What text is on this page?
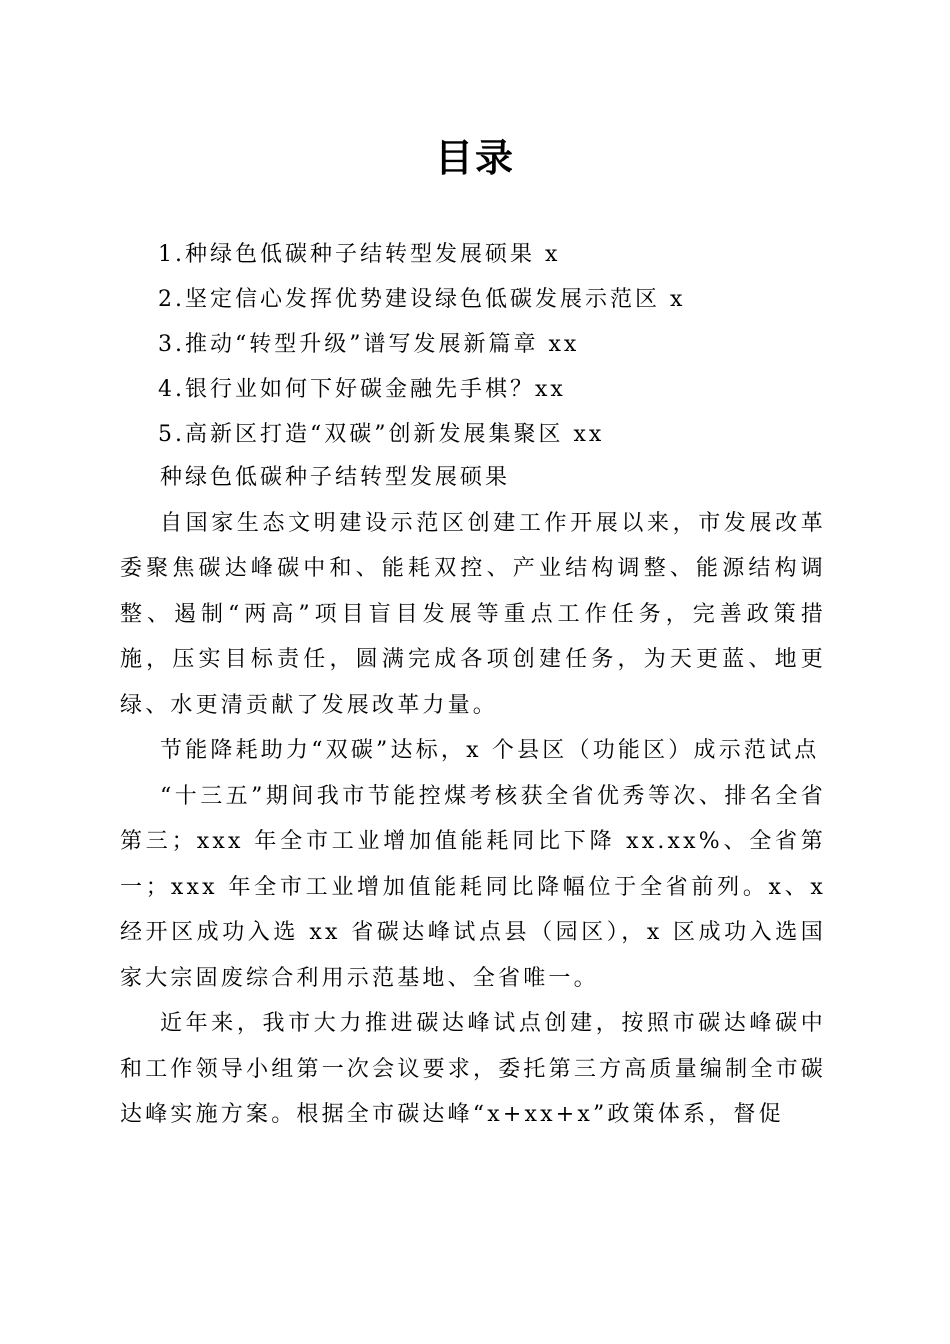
目录
1.种绿色低碳种子结转型发展硕果 x
2.坚定信心发挥优势建设绿色低碳发展示范区 x
3.推动“转型升级”谱写发展新篇章 xx
4.银行业如何下好碳金融先手棋？xx
5.高新区打造“双碳”创新发展集聚区 xx

种绿色低碳种子结转型发展硕果

自国家生态文明建设示范区创建工作开展以来，市发展改革委聚焦碳达峰碳中和、能耗双控、产业结构调整、能源结构调整、遏制“两高”项目盲目发展等重点工作任务，完善政策措施，压实目标责任，圆满完成各项创建任务，为天更蓝、地更绿、水更清贡献了发展改革力量。

节能降耗助力“双碳”达标，x 个县区（功能区）成示范试点

“十三五”期间我市节能控煤考核获全省优秀等次、排名全省第三；xxx 年全市工业增加值能耗同比下降 xx.xx%、全省第一；xxx 年全市工业增加值能耗同比降幅位于全省前列。x、x 经开区成功入选 xx 省碳达峰试点县（园区），x 区成功入选国家大宗固废综合利用示范基地、全省唯一。

近年来，我市大力推进碳达峰试点创建，按照市碳达峰碳中和工作领导小组第一次会议要求，委托第三方高质量编制全市碳达峰实施方案。根据全市碳达峰“x+xx+x”政策体系，督促
